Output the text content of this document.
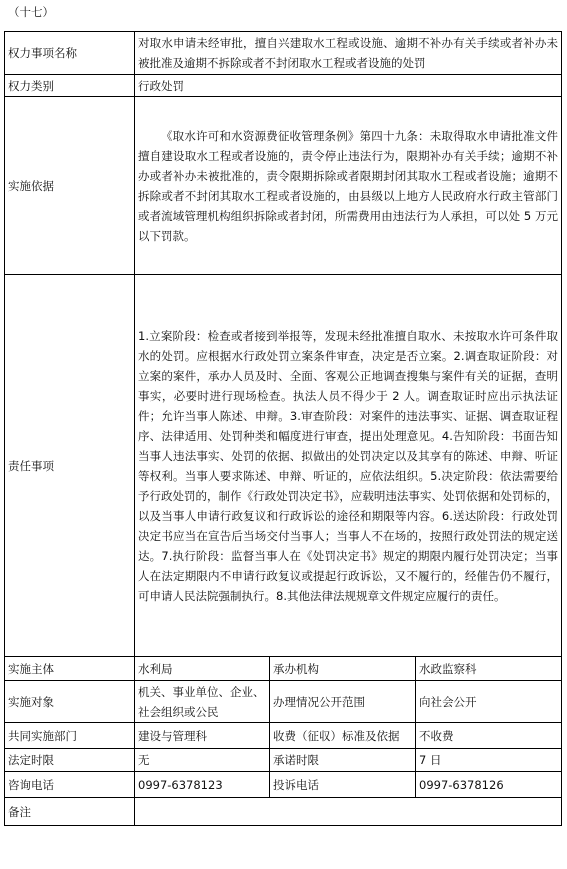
（十七）
权力事项名称	对取水申请未经审批，擅自兴建取水工程或设施、逾期不补办有关手续或者补办未被批准及逾期不拆除或者不封闭取水工程或者设施的处罚		
权力类别	行政处罚		
实施依据	《取水许可和水资源费征收管理条例》第四十九条：未取得取水申请批准文件擅自建设取水工程或者设施的，责令停止违法行为，限期补办有关手续；逾期不补办或者补办未被批准的，责令限期拆除或者限期封闭其取水工程或者设施；逾期不拆除或者不封闭其取水工程或者设施的，由县级以上地方人民政府水行政主管部门或者流域管理机构组织拆除或者封闭，所需费用由违法行为人承担，可以处 5 万元以下罚款。		
责任事项	1.立案阶段：检查或者接到举报等，发现未经批准擅自取水、未按取水许可条件取水的处罚。应根据水行政处罚立案条件审查，决定是否立案。2.调查取证阶段：对立案的案件，承办人员及时、全面、客观公正地调查搜集与案件有关的证据，查明事实，必要时进行现场检查。执法人员不得少于 2 人。调查取证时应出示执法证件；允许当事人陈述、申辩。3.审查阶段：对案件的违法事实、证据、调查取证程序、法律适用、处罚种类和幅度进行审查，提出处理意见。4.告知阶段：书面告知当事人违法事实、处罚的依据、拟做出的处罚决定以及其享有的陈述、申辩、听证等权利。当事人要求陈述、申辩、听证的，应依法组织。5.决定阶段：依法需要给予行政处罚的，制作《行政处罚决定书》，应载明违法事实、处罚依据和处罚标的，以及当事人申请行政复议和行政诉讼的途径和期限等内容。6.送达阶段：行政处罚决定书应当在宣告后当场交付当事人；当事人不在场的，按照行政处罚法的规定送达。7.执行阶段：监督当事人在《处罚决定书》规定的期限内履行处罚决定；当事人在法定期限内不申请行政复议或提起行政诉讼，又不履行的，经催告仍不履行，可申请人民法院强制执行。8.其他法律法规规章文件规定应履行的责任。		
实施主体	水利局	承办机构	水政监察科
实施对象	机关、事业单位、企业、社会组织或公民	办理情况公开范围	向社会公开
共同实施部门	建设与管理科	收费（征収）标准及依据	不收费
法定时限	无	承诺时限	7 日
咨询电话	0997-6378123	投诉电话	0997-6378126
备注			
